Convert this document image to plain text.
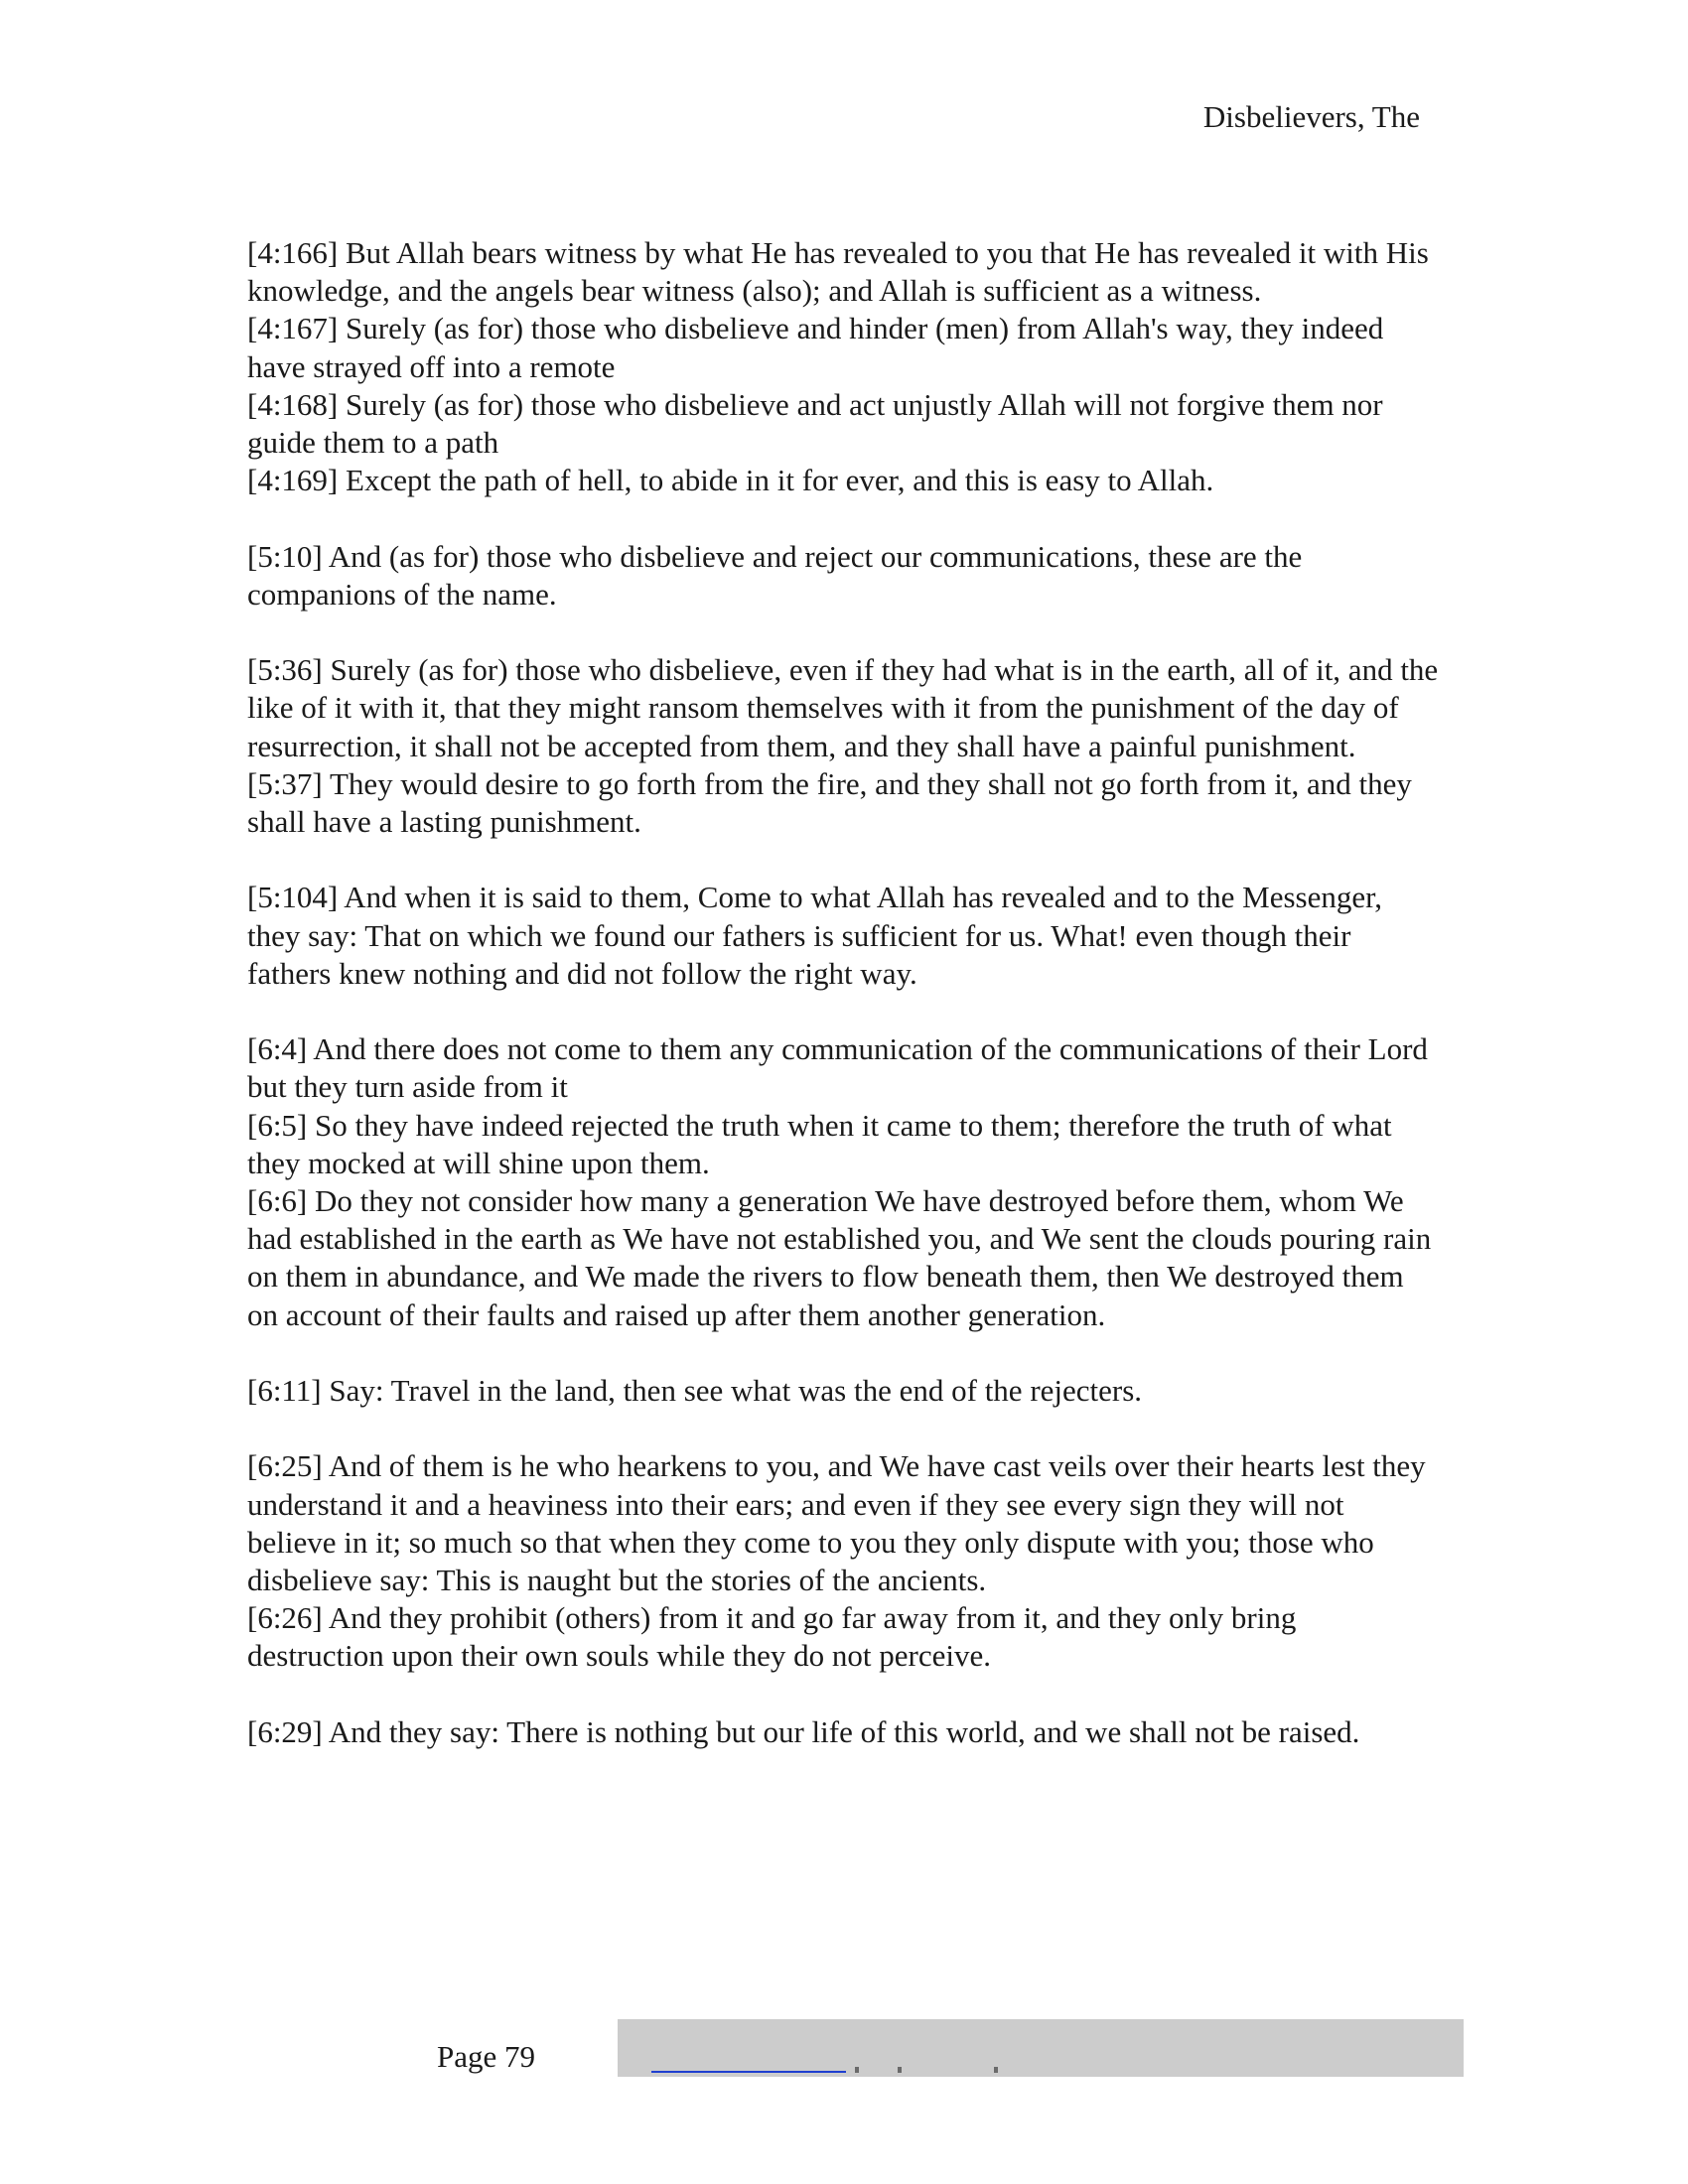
Disbelievers, The

[4:166] But Allah bears witness by what He has revealed to you that He has revealed it with His knowledge, and the angels bear witness (also); and Allah is sufficient as a witness.

[4:167] Surely (as for) those who disbelieve and hinder (men) from Allah's way, they indeed have strayed off into a remote

[4:168] Surely (as for) those who disbelieve and act unjustly Allah will not forgive them nor guide them to a path

[4:169] Except the path of hell, to abide in it for ever, and this is easy to Allah.

[5:10] And (as for) those who disbelieve and reject our communications, these are the companions of the name.

[5:36] Surely (as for) those who disbelieve, even if they had what is in the earth, all of it, and the like of it with it, that they might ransom themselves with it from the punishment of the day of resurrection, it shall not be accepted from them, and they shall have a painful punishment.

[5:37] They would desire to go forth from the fire, and they shall not go forth from it, and they shall have a lasting punishment.

[5:104] And when it is said to them, Come to what Allah has revealed and to the Messenger, they say: That on which we found our fathers is sufficient for us. What! even though their fathers knew nothing and did not follow the right way.

[6:4] And there does not come to them any communication of the communications of their Lord but they turn aside from it

[6:5] So they have indeed rejected the truth when it came to them; therefore the truth of what they mocked at will shine upon them.

[6:6] Do they not consider how many a generation We have destroyed before them, whom We had established in the earth as We have not established you, and We sent the clouds pouring rain on them in abundance, and We made the rivers to flow beneath them, then We destroyed them on account of their faults and raised up after them another generation.

[6:11] Say: Travel in the land, then see what was the end of the rejecters.

[6:25] And of them is he who hearkens to you, and We have cast veils over their hearts lest they understand it and a heaviness into their ears; and even if they see every sign they will not believe in it; so much so that when they come to you they only dispute with you; those who disbelieve say: This is naught but the stories of the ancients.

[6:26] And they prohibit (others) from it and go far away from it, and they only bring destruction upon their own souls while they do not perceive.

[6:29] And they say: There is nothing but our life of this world, and we shall not be raised.

Page 79
